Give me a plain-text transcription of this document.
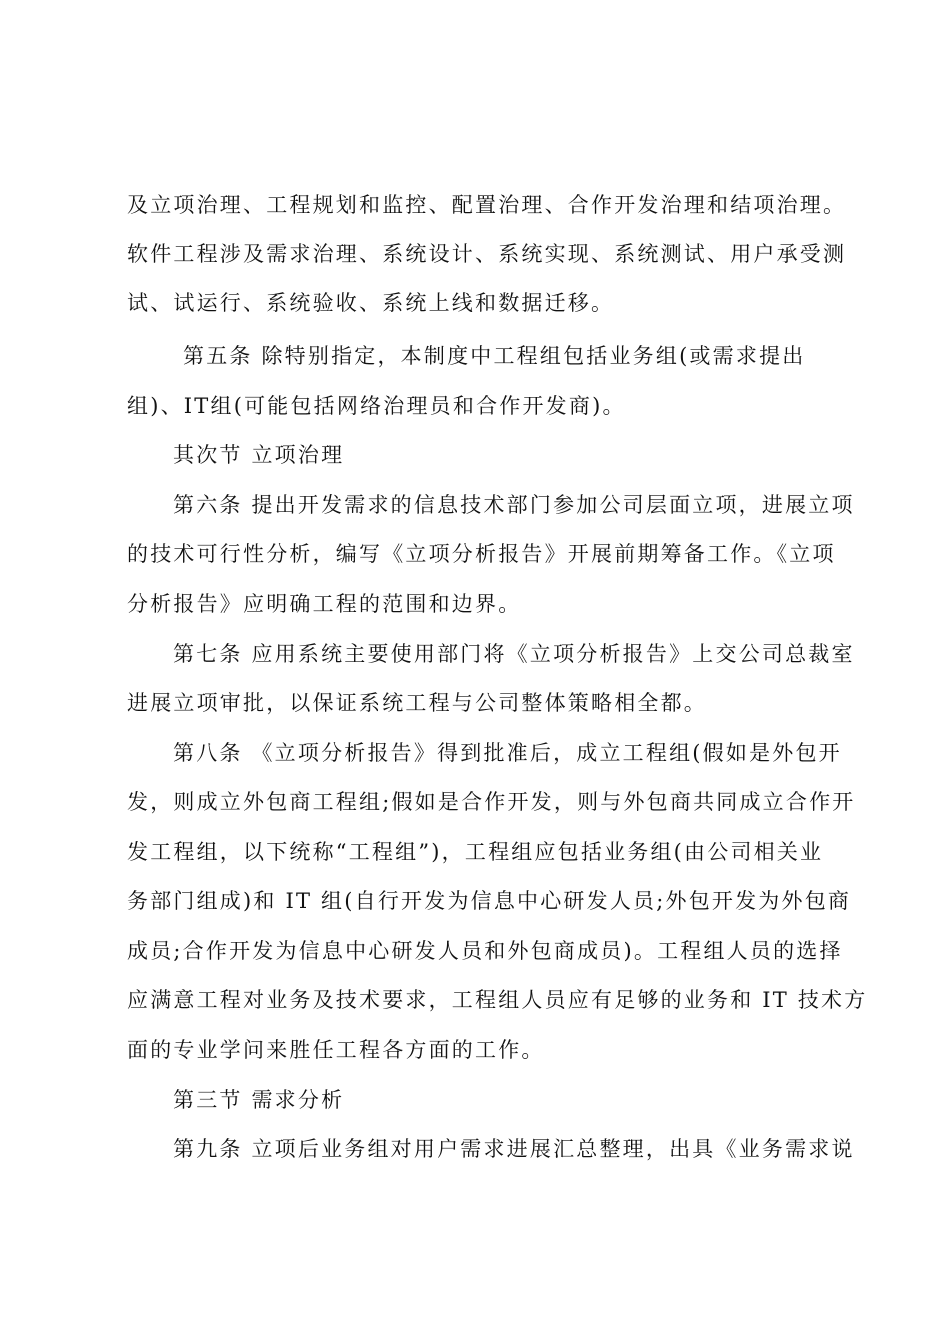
及立项治理、工程规划和监控、配置治理、合作开发治理和结项治理。
软件工程涉及需求治理、系统设计、系统实现、系统测试、用户承受测
试、试运行、系统验收、系统上线和数据迁移。
第五条 除特别指定，本制度中工程组包括业务组(或需求提出
组)、IT组(可能包括网络治理员和合作开发商)。
其次节 立项治理
第六条 提出开发需求的信息技术部门参加公司层面立项，进展立项
的技术可行性分析，编写《立项分析报告》开展前期筹备工作。《立项
分析报告》应明确工程的范围和边界。
第七条 应用系统主要使用部门将《立项分析报告》上交公司总裁室
进展立项审批，以保证系统工程与公司整体策略相全都。
第八条 《立项分析报告》得到批准后，成立工程组(假如是外包开
发，则成立外包商工程组;假如是合作开发，则与外包商共同成立合作开
发工程组，以下统称“工程组”)，工程组应包括业务组(由公司相关业
务部门组成)和 IT 组(自行开发为信息中心研发人员;外包开发为外包商
成员;合作开发为信息中心研发人员和外包商成员)。工程组人员的选择
应满意工程对业务及技术要求，工程组人员应有足够的业务和 IT 技术方
面的专业学问来胜任工程各方面的工作。
第三节 需求分析
第九条 立项后业务组对用户需求进展汇总整理，出具《业务需求说
